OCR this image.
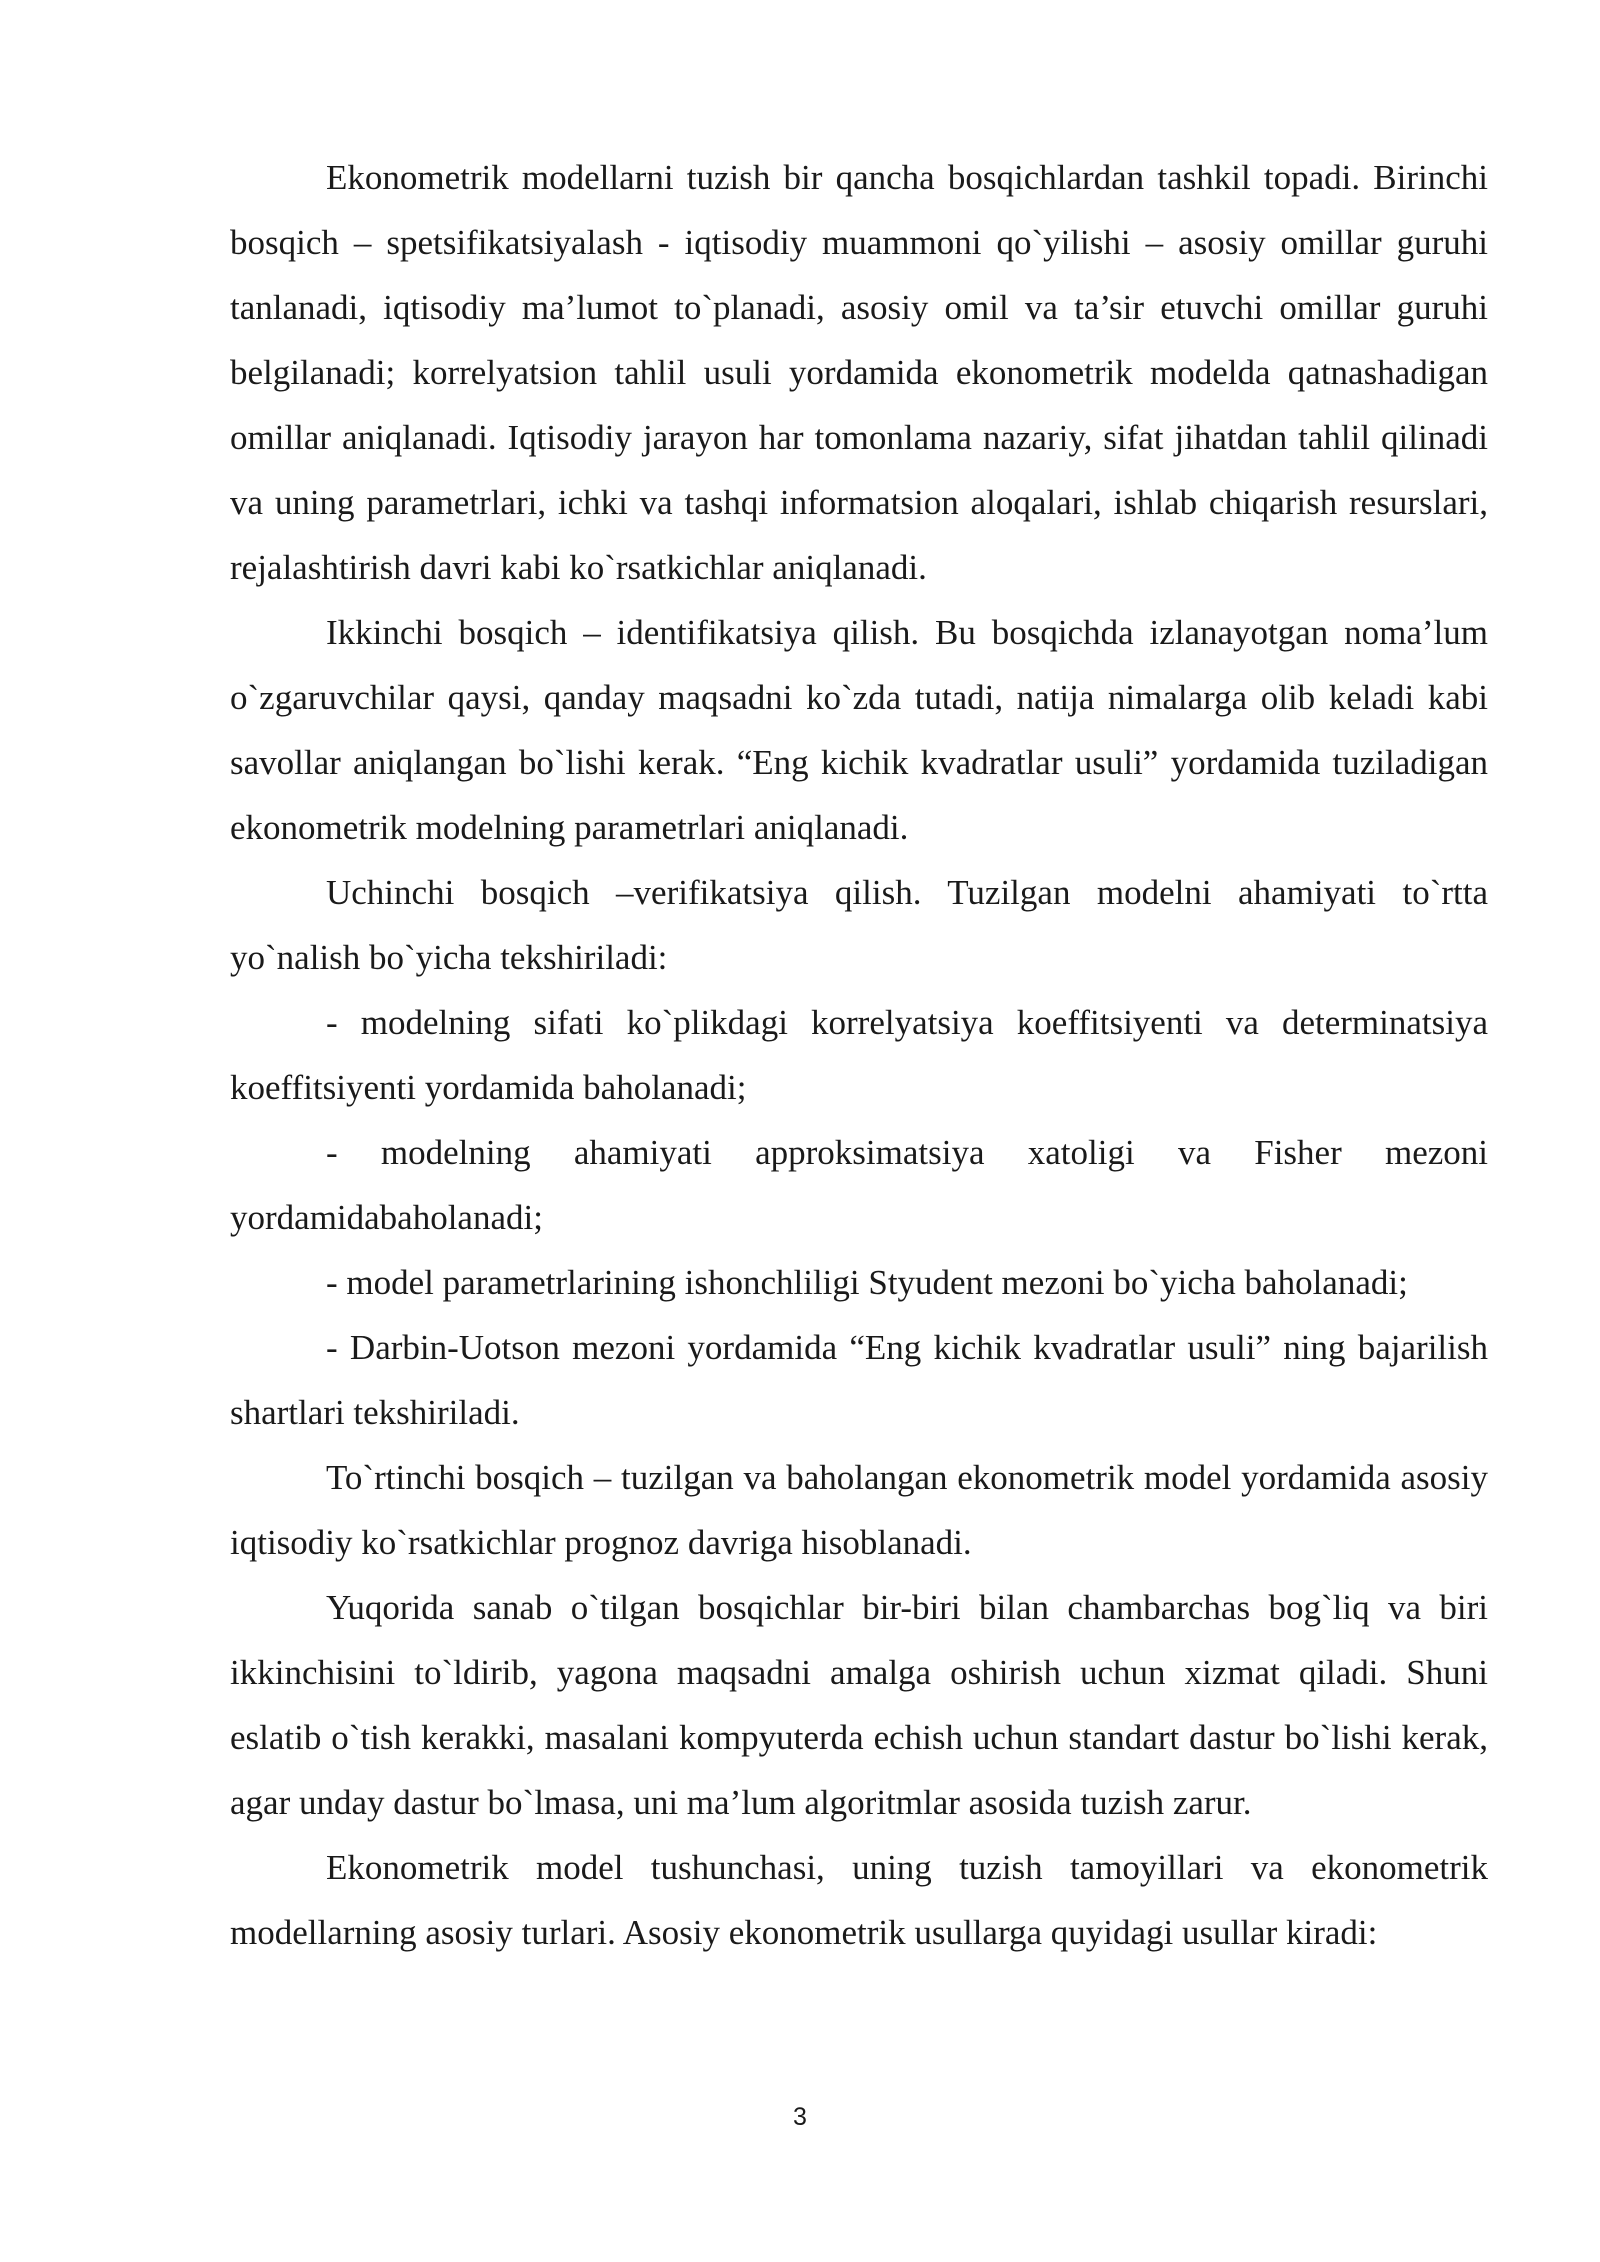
Ekonometrik modellarni tuzish bir qancha bosqichlardan tashkil topadi. Birinchi bosqich – spetsifikatsiyalash - iqtisodiy muammoni qo`yilishi – asosiy omillar guruhi tanlanadi, iqtisodiy ma’lumot to`planadi, asosiy omil va ta’sir etuvchi omillar guruhi belgilanadi; korrelyatsion tahlil usuli yordamida ekonometrik modelda qatnashadigan omillar aniqlanadi. Iqtisodiy jarayon har tomonlama nazariy, sifat jihatdan tahlil qilinadi va uning parametrlari, ichki va tashqi informatsion aloqalari, ishlab chiqarish resurslari, rejalashtirish davri kabi ko`rsatkichlar aniqlanadi.

Ikkinchi bosqich – identifikatsiya qilish. Bu bosqichda izlanayotgan noma’lum o`zgaruvchilar qaysi, qanday maqsadni ko`zda tutadi, natija nimalarga olib keladi kabi savollar aniqlangan bo`lishi kerak. “Eng kichik kvadratlar usuli” yordamida tuziladigan ekonometrik modelning parametrlari aniqlanadi.

Uchinchi bosqich –verifikatsiya qilish. Tuzilgan modelni ahamiyati to`rtta yo`nalish bo`yicha tekshiriladi:

- modelning sifati ko`plikdagi korrelyatsiya koeffitsiyenti va determinatsiya koeffitsiyenti yordamida baholanadi;

- modelning ahamiyati approksimatsiya xatoligi va Fisher mezoni yordamidabaholanadi;

- model parametrlarining ishonchliligi Styudent mezoni bo`yicha baholanadi;

- Darbin-Uotson mezoni yordamida “Eng kichik kvadratlar usuli” ning bajarilish shartlari tekshiriladi.

To`rtinchi bosqich – tuzilgan va baholangan ekonometrik model yordamida asosiy iqtisodiy ko`rsatkichlar prognoz davriga hisoblanadi.

Yuqorida sanab o`tilgan bosqichlar bir-biri bilan chambarchas bog`liq va biri ikkinchisini to`ldirib, yagona maqsadni amalga oshirish uchun xizmat qiladi. Shuni eslatib o`tish kerakki, masalani kompyuterda echish uchun standart dastur bo`lishi kerak, agar unday dastur bo`lmasa, uni ma’lum algoritmlar asosida tuzish zarur.

Ekonometrik model tushunchasi, uning tuzish tamoyillari va ekonometrik modellarning asosiy turlari. Asosiy ekonometrik usullarga quyidagi usullar kiradi:

3
